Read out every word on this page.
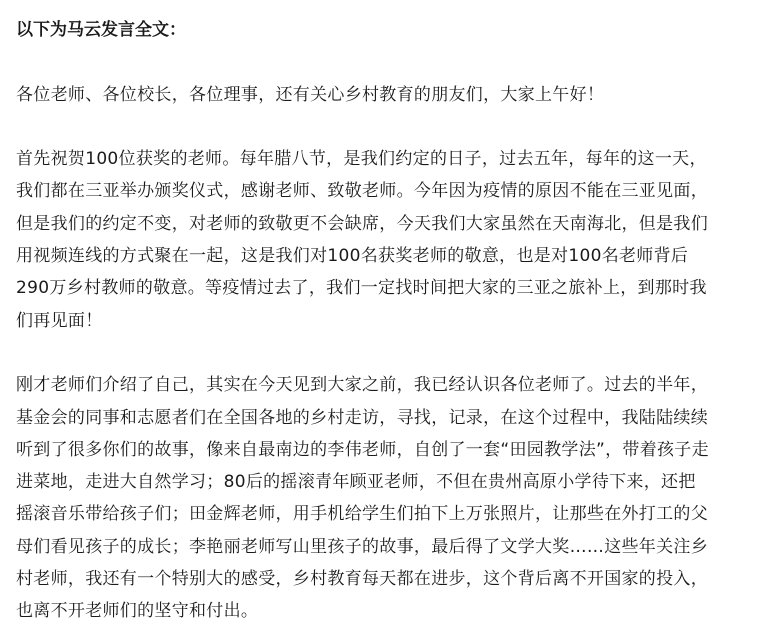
以下为马云发言全文：

各位老师、各位校长，各位理事，还有关心乡村教育的朋友们，大家上午好！

首先祝贺100位获奖的老师。每年腊八节，是我们约定的日子，过去五年，每年的这一天，
我们都在三亚举办颁奖仪式，感谢老师、致敬老师。今年因为疫情的原因不能在三亚见面，
但是我们的约定不变，对老师的致敬更不会缺席，今天我们大家虽然在天南海北，但是我们
用视频连线的方式聚在一起，这是我们对100名获奖老师的敬意，也是对100名老师背后
290万乡村教师的敬意。等疫情过去了，我们一定找时间把大家的三亚之旅补上，到那时我
们再见面！

刚才老师们介绍了自己，其实在今天见到大家之前，我已经认识各位老师了。过去的半年，
基金会的同事和志愿者们在全国各地的乡村走访，寻找，记录，在这个过程中，我陆陆续续
听到了很多你们的故事，像来自最南边的李伟老师，自创了一套“田园教学法”，带着孩子走
进菜地，走进大自然学习；80后的摇滚青年顾亚老师，不但在贵州高原小学待下来，还把
摇滚音乐带给孩子们；田金辉老师，用手机给学生们拍下上万张照片，让那些在外打工的父
母们看见孩子的成长；李艳丽老师写山里孩子的故事，最后得了文学大奖……这些年关注乡
村老师，我还有一个特别大的感受，乡村教育每天都在进步，这个背后离不开国家的投入，
也离不开老师们的坚守和付出。
